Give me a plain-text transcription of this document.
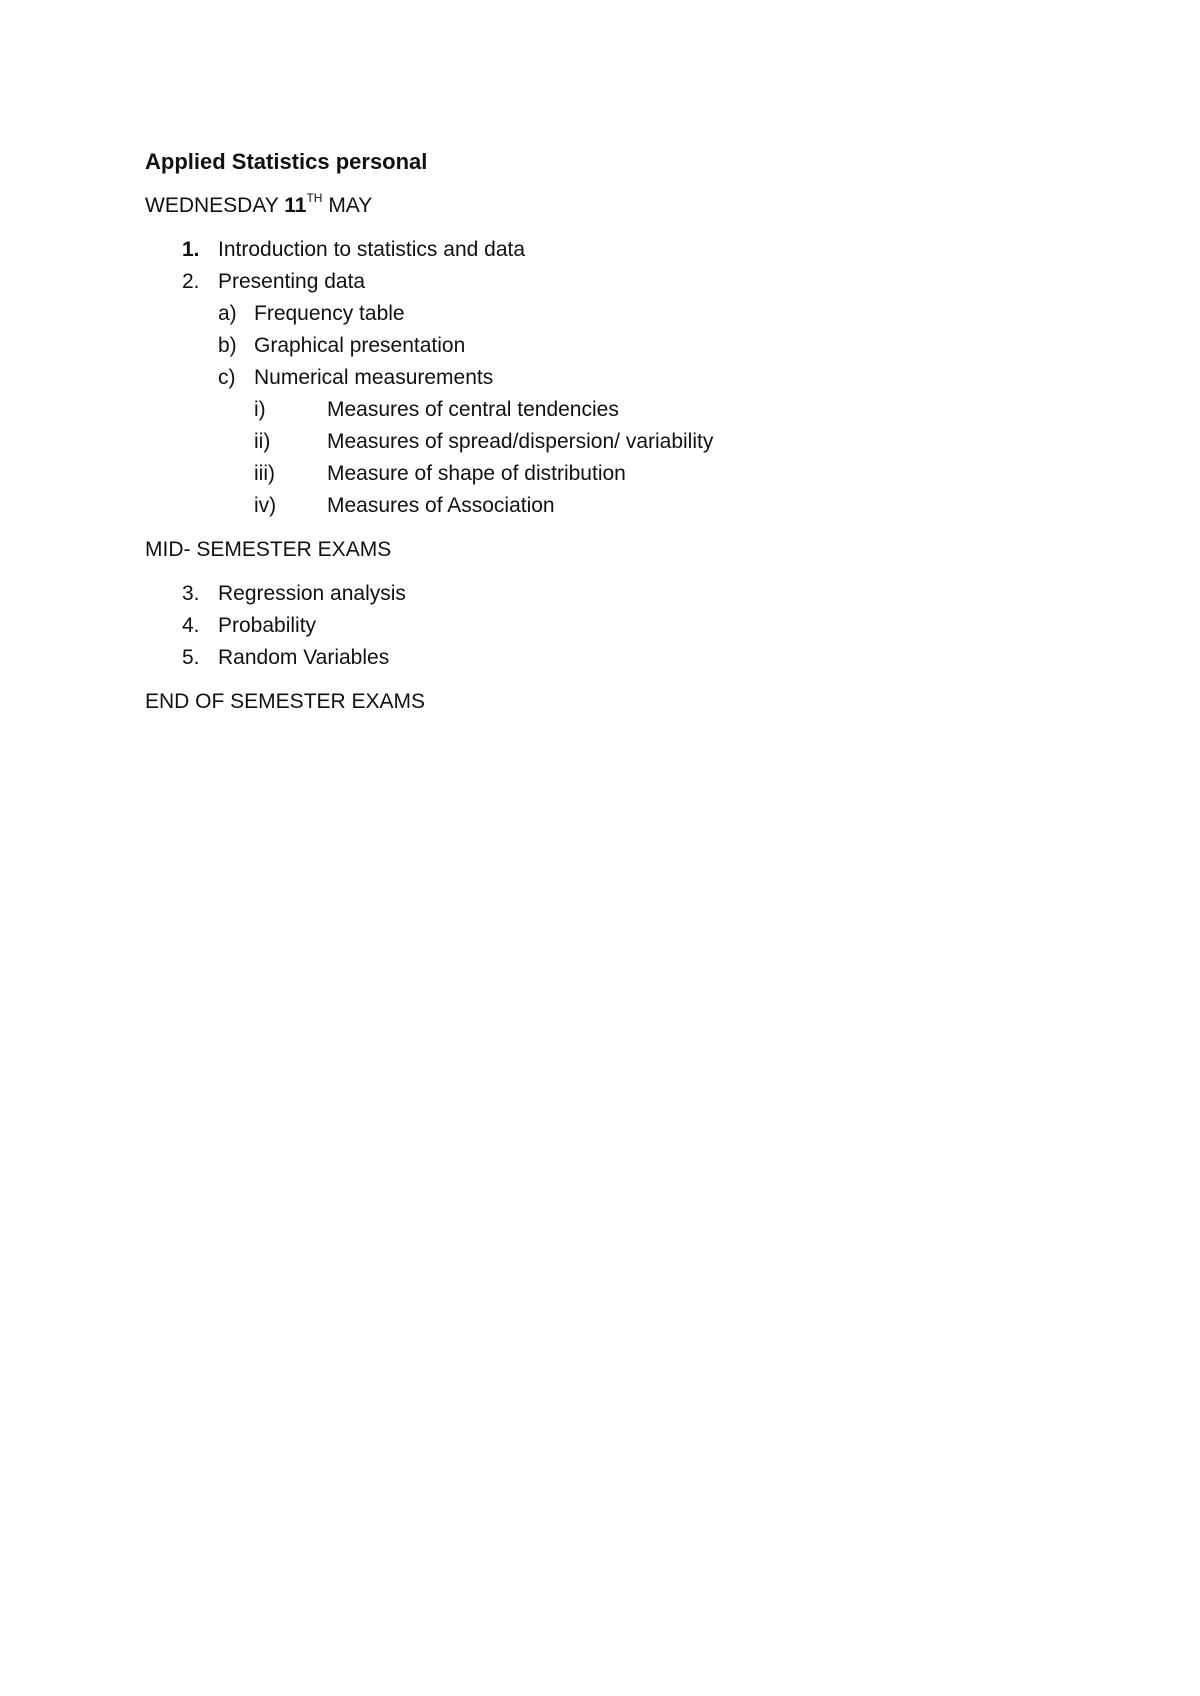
Applied Statistics personal
WEDNESDAY 11TH MAY
1. Introduction to statistics and data
2. Presenting data
a) Frequency table
b) Graphical presentation
c) Numerical measurements
i)	Measures of central tendencies
ii)	Measures of spread/dispersion/ variability
iii)	Measure of shape of distribution
iv)	Measures of Association
MID- SEMESTER EXAMS
3. Regression analysis
4. Probability
5. Random Variables
END OF SEMESTER EXAMS
